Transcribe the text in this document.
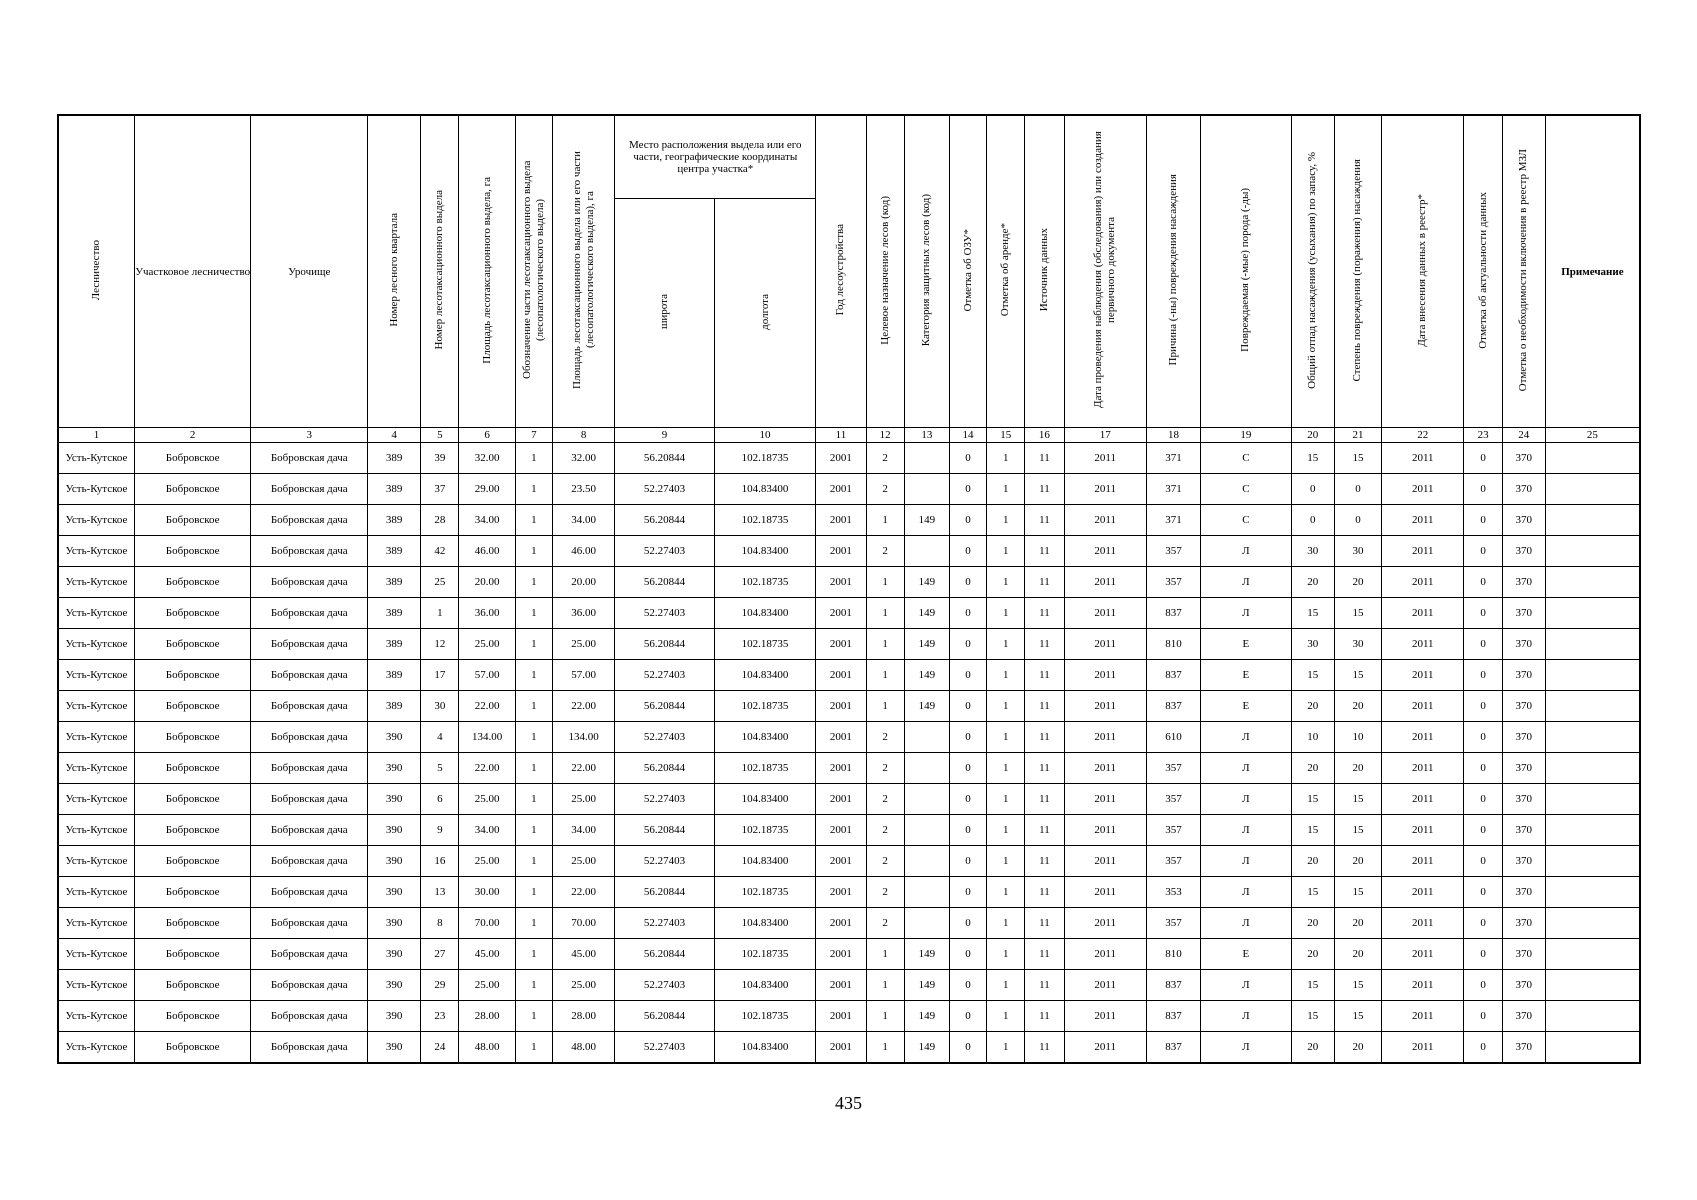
Лесничество	Участковое лесничество	Урочище	Номер лесного квартала	Номер лесотаксационного выдела	Площадь лесотаксационного выдела, га	Обозначение части лесотаксационного выдела (лесопатологического выдела)	Площадь лесотаксационного выдела или его части (лесопатологического выдела), га	Место расположения выдела или его части, географические координаты центра участка*		Год лесоустройства	Целевое назначение лесов (код)	Категория защитных лесов (код)	Отметка об ОЗУ*	Отметка об аренде*	Источник данных	Дата проведения наблюдения (обследования) или создания первичного документа	Причина (-ны) повреждения насаждения	Повреждаемая (-мые) порода (-ды)	Общий отпад насаждения (усыхания) по запасу, %	Степень повреждения (поражения) насаждения	Дата внесения данных в реестр*	Отметка об актуальности данных	Отметка о необходимости включения в реестр МЗЛ	Примечание
								широта	долгота															
1	2	3	4	5	6	7	8	9	10	11	12	13	14	15	16	17	18	19	20	21	22	23	24	25
Усть-Кутское	Бобровское	Бобровская дача	389	39	32.00	1	32.00	56.20844	102.18735	2001	2		0	1	11	2011	371	С	15	15	2011	0	370	
Усть-Кутское	Бобровское	Бобровская дача	389	37	29.00	1	23.50	52.27403	104.83400	2001	2		0	1	11	2011	371	С	0	0	2011	0	370	
Усть-Кутское	Бобровское	Бобровская дача	389	28	34.00	1	34.00	56.20844	102.18735	2001	1	149	0	1	11	2011	371	С	0	0	2011	0	370	
Усть-Кутское	Бобровское	Бобровская дача	389	42	46.00	1	46.00	52.27403	104.83400	2001	2		0	1	11	2011	357	Л	30	30	2011	0	370	
Усть-Кутское	Бобровское	Бобровская дача	389	25	20.00	1	20.00	56.20844	102.18735	2001	1	149	0	1	11	2011	357	Л	20	20	2011	0	370	
Усть-Кутское	Бобровское	Бобровская дача	389	1	36.00	1	36.00	52.27403	104.83400	2001	1	149	0	1	11	2011	837	Л	15	15	2011	0	370	
Усть-Кутское	Бобровское	Бобровская дача	389	12	25.00	1	25.00	56.20844	102.18735	2001	1	149	0	1	11	2011	810	Е	30	30	2011	0	370	
Усть-Кутское	Бобровское	Бобровская дача	389	17	57.00	1	57.00	52.27403	104.83400	2001	1	149	0	1	11	2011	837	Е	15	15	2011	0	370	
Усть-Кутское	Бобровское	Бобровская дача	389	30	22.00	1	22.00	56.20844	102.18735	2001	1	149	0	1	11	2011	837	Е	20	20	2011	0	370	
Усть-Кутское	Бобровское	Бобровская дача	390	4	134.00	1	134.00	52.27403	104.83400	2001	2		0	1	11	2011	610	Л	10	10	2011	0	370	
Усть-Кутское	Бобровское	Бобровская дача	390	5	22.00	1	22.00	56.20844	102.18735	2001	2		0	1	11	2011	357	Л	20	20	2011	0	370	
Усть-Кутское	Бобровское	Бобровская дача	390	6	25.00	1	25.00	52.27403	104.83400	2001	2		0	1	11	2011	357	Л	15	15	2011	0	370	
Усть-Кутское	Бобровское	Бобровская дача	390	9	34.00	1	34.00	56.20844	102.18735	2001	2		0	1	11	2011	357	Л	15	15	2011	0	370	
Усть-Кутское	Бобровское	Бобровская дача	390	16	25.00	1	25.00	52.27403	104.83400	2001	2		0	1	11	2011	357	Л	20	20	2011	0	370	
Усть-Кутское	Бобровское	Бобровская дача	390	13	30.00	1	22.00	56.20844	102.18735	2001	2		0	1	11	2011	353	Л	15	15	2011	0	370	
Усть-Кутское	Бобровское	Бобровская дача	390	8	70.00	1	70.00	52.27403	104.83400	2001	2		0	1	11	2011	357	Л	20	20	2011	0	370	
Усть-Кутское	Бобровское	Бобровская дача	390	27	45.00	1	45.00	56.20844	102.18735	2001	1	149	0	1	11	2011	810	Е	20	20	2011	0	370	
Усть-Кутское	Бобровское	Бобровская дача	390	29	25.00	1	25.00	52.27403	104.83400	2001	1	149	0	1	11	2011	837	Л	15	15	2011	0	370	
Усть-Кутское	Бобровское	Бобровская дача	390	23	28.00	1	28.00	56.20844	102.18735	2001	1	149	0	1	11	2011	837	Л	15	15	2011	0	370	
Усть-Кутское	Бобровское	Бобровская дача	390	24	48.00	1	48.00	52.27403	104.83400	2001	1	149	0	1	11	2011	837	Л	20	20	2011	0	370	
435
